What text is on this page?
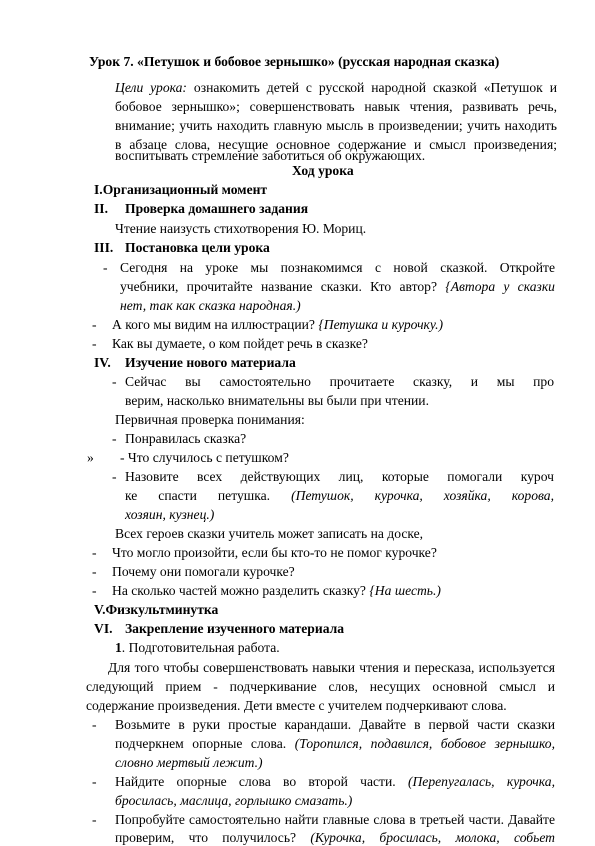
Урок 7. «Петушок и бобовое зернышко» (русская народная сказка)
Цели урока: ознакомить детей с русской народной сказкой «Петушок и
бобовое зернышко»; совершенствовать навык чтения, развивать речь,
внимание; учить находить главную мысль в произведении; учить находить
в абзаце слова, несущие основное содержание и смысл произведения;
воспитывать стремление заботиться об окружающих.
Ход урока
I.Организационный момент
II. Проверка домашнего задания
Чтение наизусть стихотворения Ю. Мориц.
III. Постановка цели урока
- Сегодня на уроке мы познакомимся с новой сказкой. Откройте
учебники, прочитайте название сказки. Кто автор? {Автора у сказки
нет, так как сказка народная.)
- А кого мы видим на иллюстрации? {Петушка и курочку.)
- Как вы думаете, о ком пойдет речь в сказке?
IV. Изучение нового материала
- Сейчас вы самостоятельно прочитаете сказку, и мы про
верим, насколько внимательны вы были при чтении.
Первичная проверка понимания:
- Понравилась сказка?
» - Что случилось с петушком?
- Назовите всех действующих лиц, которые помогали куроч
ке спасти петушка. (Петушок, курочка, хозяйка, корова,
хозяин, кузнец.)
Всех героев сказки учитель может записать на доске,
- Что могло произойти, если бы кто-то не помог курочке?
- Почему они помогали курочке?
- На сколько частей можно разделить сказку? {На шесть.)
V.Физкультминутка
VI. Закрепление изученного материала
1. Подготовительная работа.
Для того чтобы совершенствовать навыки чтения и пересказа, используется
следующий прием - подчеркивание слов, несущих основной смысл и
содержание произведения. Дети вместе с учителем подчеркивают слова.
- Возьмите в руки простые карандаши. Давайте в первой части сказки
подчеркнем опорные слова. (Торопился, подавился, бобовое зернышко,
словно мертвый лежит.)
- Найдите опорные слова во второй части. (Перепугалась, курочка,
бросилась, маслица, горлышко смазать.)
- Попробуйте самостоятельно найти главные слова в третьей части. Давайте
проверим, что получилось? (Курочка, бросилась, молока, собьет
